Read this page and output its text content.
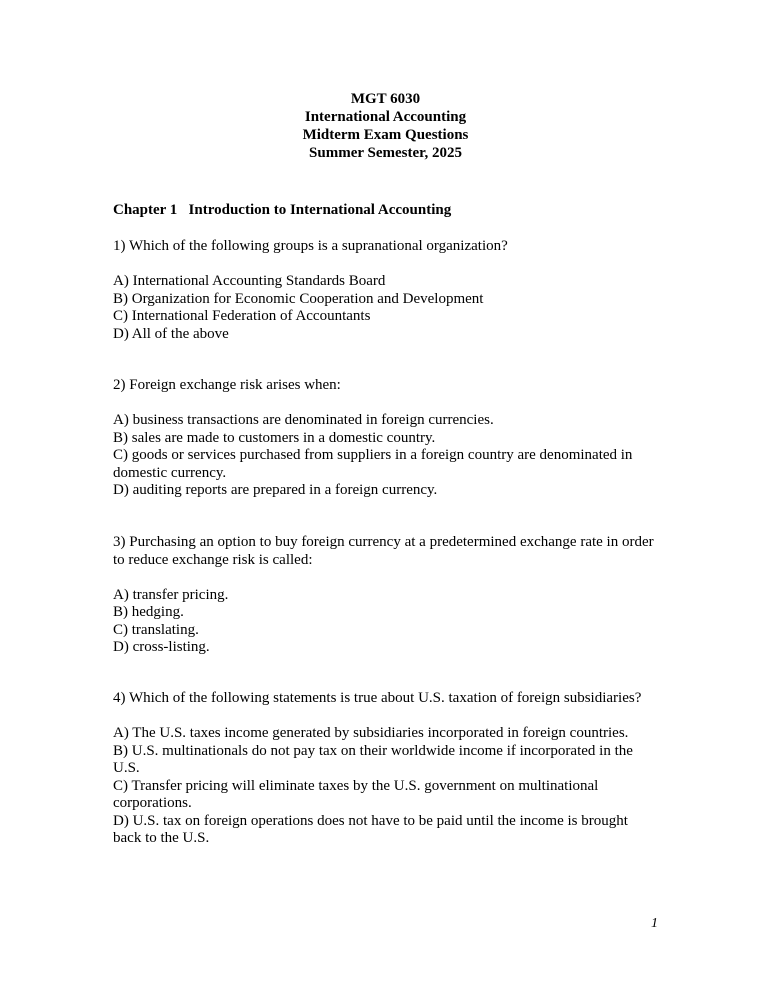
MGT 6030
International Accounting
Midterm Exam Questions
Summer Semester, 2025
Chapter 1   Introduction to International Accounting
1) Which of the following groups is a supranational organization?
A) International Accounting Standards Board
B) Organization for Economic Cooperation and Development
C) International Federation of Accountants
D) All of the above
2) Foreign exchange risk arises when:
A) business transactions are denominated in foreign currencies.
B) sales are made to customers in a domestic country.
C) goods or services purchased from suppliers in a foreign country are denominated in domestic currency.
D) auditing reports are prepared in a foreign currency.
3) Purchasing an option to buy foreign currency at a predetermined exchange rate in order to reduce exchange risk is called:
A) transfer pricing.
B) hedging.
C) translating.
D) cross-listing.
4) Which of the following statements is true about U.S. taxation of foreign subsidiaries?
A) The U.S. taxes income generated by subsidiaries incorporated in foreign countries.
B) U.S. multinationals do not pay tax on their worldwide income if incorporated in the U.S.
C) Transfer pricing will eliminate taxes by the U.S. government on multinational corporations.
D) U.S. tax on foreign operations does not have to be paid until the income is brought back to the U.S.
1
